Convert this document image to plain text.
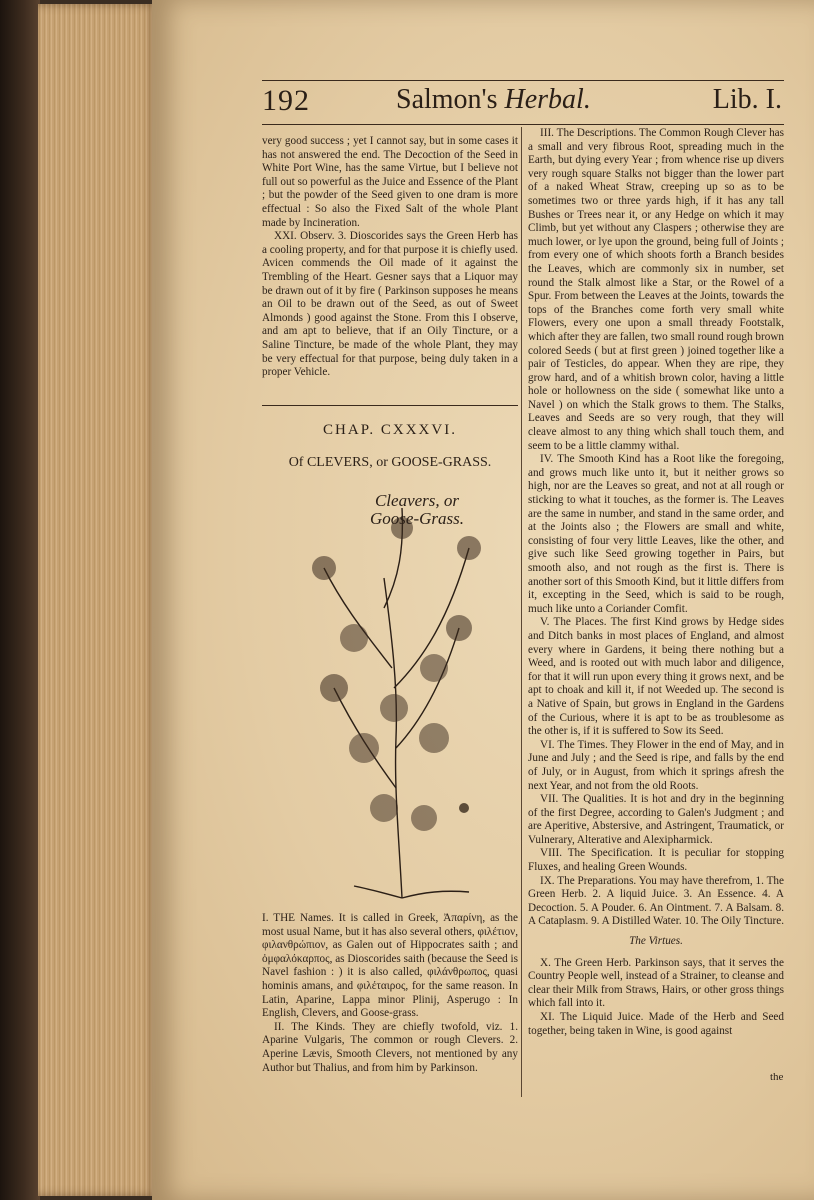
192	Salmon's Herbal.	Lib. I.

very good success ; yet I cannot say, but in some cases it has not answered the end. The Decoction of the Seed in White Port Wine, has the same Virtue, but I believe not full out so powerful as the Juice and Essence of the Plant ; but the powder of the Seed given to one dram is more effectual : So also the Fixed Salt of the whole Plant made by Incineration.

XXI. Observ. 3. Dioscorides says the Green Herb has a cooling property, and for that purpose it is chiefly used. Avicen commends the Oil made of it against the Trembling of the Heart. Gesner says that a Liquor may be drawn out of it by fire ( Parkinson supposes he means an Oil to be drawn out of the Seed, as out of Sweet Almonds ) good against the Stone. From this I observe, and am apt to believe, that if an Oily Tincture, or a Saline Tincture, be made of the whole Plant, they may be very effectual for that purpose, being duly taken in a proper Vehicle.

CHAP. CXXXVI.
Of CLEVERS, or GOOSE-GRASS.
Cleavers, or
Goose-Grass.

I. THE Names. It is called in Greek, Ἀπαρίνη, as the most usual Name, but it has also several others, φιλέτιον, φιλανθρώπιον, as Galen out of Hippocrates saith ; and ὀμφαλόκαρπος, as Dioscorides saith (because the Seed is Navel fashion : ) it is also called, φιλάνθρωπος, quasi hominis amans, and φιλέταιρος, for the same reason. In Latin, Aparine, Lappa minor Plinij, Asperugo : In English, Clevers, and Goose-grass.

II. The Kinds. They are chiefly twofold, viz. 1. Aparine Vulgaris, The common or rough Clevers. 2. Aperine Lævis, Smooth Clevers, not mentioned by any Author but Thalius, and from him by Parkinson.

III. The Descriptions. The Common Rough Clever has a small and very fibrous Root, spreading much in the Earth, but dying every Year ; from whence rise up divers very rough square Stalks not bigger than the lower part of a naked Wheat Straw, creeping up so as to be sometimes two or three yards high, if it has any tall Bushes or Trees near it, or any Hedge on which it may Climb, but yet without any Claspers ; otherwise they are much lower, or lye upon the ground, being full of Joints ; from every one of which shoots forth a Branch besides the Leaves, which are commonly six in number, set round the Stalk almost like a Star, or the Rowel of a Spur. From between the Leaves at the Joints, towards the tops of the Branches come forth very small white Flowers, every one upon a small thready Footstalk, which after they are fallen, two small round rough brown colored Seeds ( but at first green ) joined together like a pair of Testicles, do appear. When they are ripe, they grow hard, and of a whitish brown color, having a little hole or hollowness on the side ( somewhat like unto a Navel ) on which the Stalk grows to them. The Stalks, Leaves and Seeds are so very rough, that they will cleave almost to any thing which shall touch them, and seem to be a little clammy withal.

IV. The Smooth Kind has a Root like the foregoing, and grows much like unto it, but it neither grows so high, nor are the Leaves so great, and not at all rough or sticking to what it touches, as the former is. The Leaves are the same in number, and stand in the same order, and at the Joints also ; the Flowers are small and white, consisting of four very little Leaves, like the other, and give such like Seed growing together in Pairs, but smooth also, and not rough as the first is. There is another sort of this Smooth Kind, but it little differs from it, excepting in the Seed, which is said to be rough, much like unto a Coriander Comfit.

V. The Places. The first Kind grows by Hedge sides and Ditch banks in most places of England, and almost every where in Gardens, it being there nothing but a Weed, and is rooted out with much labor and diligence, for that it will run upon every thing it grows next, and be apt to choak and kill it, if not Weeded up. The second is a Native of Spain, but grows in England in the Gardens of the Curious, where it is apt to be as troublesome as the other is, if it is suffered to Sow its Seed.

VI. The Times. They Flower in the end of May, and in June and July ; and the Seed is ripe, and falls by the end of July, or in August, from which it springs afresh the next Year, and not from the old Roots.

VII. The Qualities. It is hot and dry in the beginning of the first Degree, according to Galen's Judgment ; and are Aperitive, Abstersive, and Astringent, Traumatick, or Vulnerary, Alterative and Alexipharmick.

VIII. The Specification. It is peculiar for stopping Fluxes, and healing Green Wounds.

IX. The Preparations. You may have therefrom, 1. The Green Herb. 2. A liquid Juice. 3. An Essence. 4. A Decoction. 5. A Pouder. 6. An Ointment. 7. A Balsam. 8. A Cataplasm. 9. A Distilled Water. 10. The Oily Tincture.

The Virtues.

X. The Green Herb. Parkinson says, that it serves the Country People well, instead of a Strainer, to cleanse and clear their Milk from Straws, Hairs, or other gross things which fall into it.

XI. The Liquid Juice. Made of the Herb and Seed together, being taken in Wine, is good against

the
